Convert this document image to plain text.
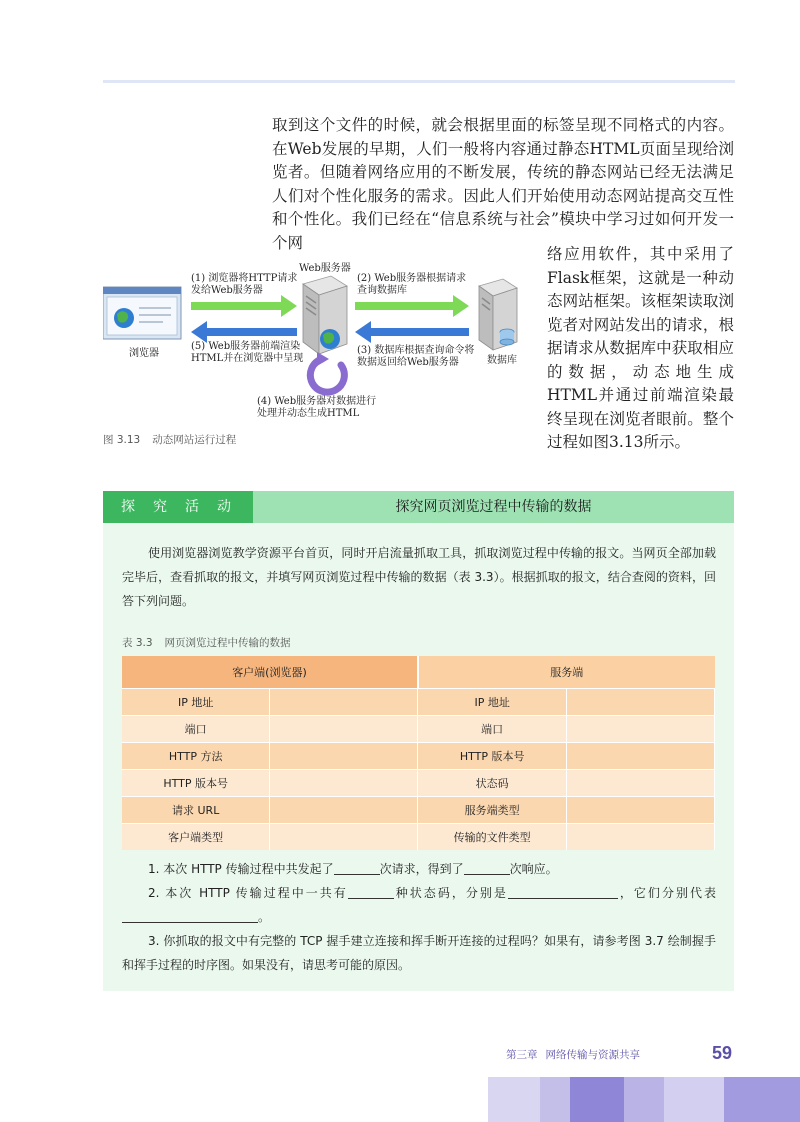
取到这个文件的时候，就会根据里面的标签呈现不同格式的内容。在Web发展的早期，人们一般将内容通过静态HTML页面呈现给浏览者。但随着网络应用的不断发展，传统的静态网站已经无法满足人们对个性化服务的需求。因此人们开始使用动态网站提高交互性和个性化。我们已经在“信息系统与社会”模块中学习过如何开发一个网

络应用软件，其中采用了Flask框架，这就是一种动态网站框架。该框架读取浏览者对网站发出的请求，根据请求从数据库中获取相应的数据，动态地生成HTML并通过前端渲染最终呈现在浏览者眼前。整个过程如图3.13所示。
浏览器
Web服务器
数据库
(1) 浏览器将HTTP请求
发给Web服务器
(2) Web服务器根据请求
查询数据库
(5) Web服务器前端渲染
HTML并在浏览器中呈现
(3) 数据库根据查询命令将
数据返回给Web服务器
(4) Web服务器对数据进行
处理并动态生成HTML
图 3.13 动态网站运行过程
探究活动	探究网页浏览过程中传输的数据

使用浏览器浏览教学资源平台首页，同时开启流量抓取工具，抓取浏览过程中传输的报文。当网页全部加载完毕后，查看抓取的报文，并填写网页浏览过程中传输的数据（表 3.3）。根据抓取的报文，结合查阅的资料，回答下列问题。

表 3.3 网页浏览过程中传输的数据
客户端(浏览器)		服务端	
IP 地址		IP 地址	
端口		端口	
HTTP 方法		HTTP 版本号	
HTTP 版本号		状态码	
请求 URL		服务端类型	
客户端类型		传输的文件类型	

1. 本次 HTTP 传输过程中共发起了	次请求，得到了	次响应。

2. 本次 HTTP 传输过程中一共有	种状态码，分别是	，它们分别代表。

3. 你抓取的报文中有完整的 TCP 握手建立连接和挥手断开连接的过程吗？如果有，请参考图 3.7 绘制握手和挥手过程的时序图。如果没有，请思考可能的原因。

第三章 网络传输与资源共享	59
